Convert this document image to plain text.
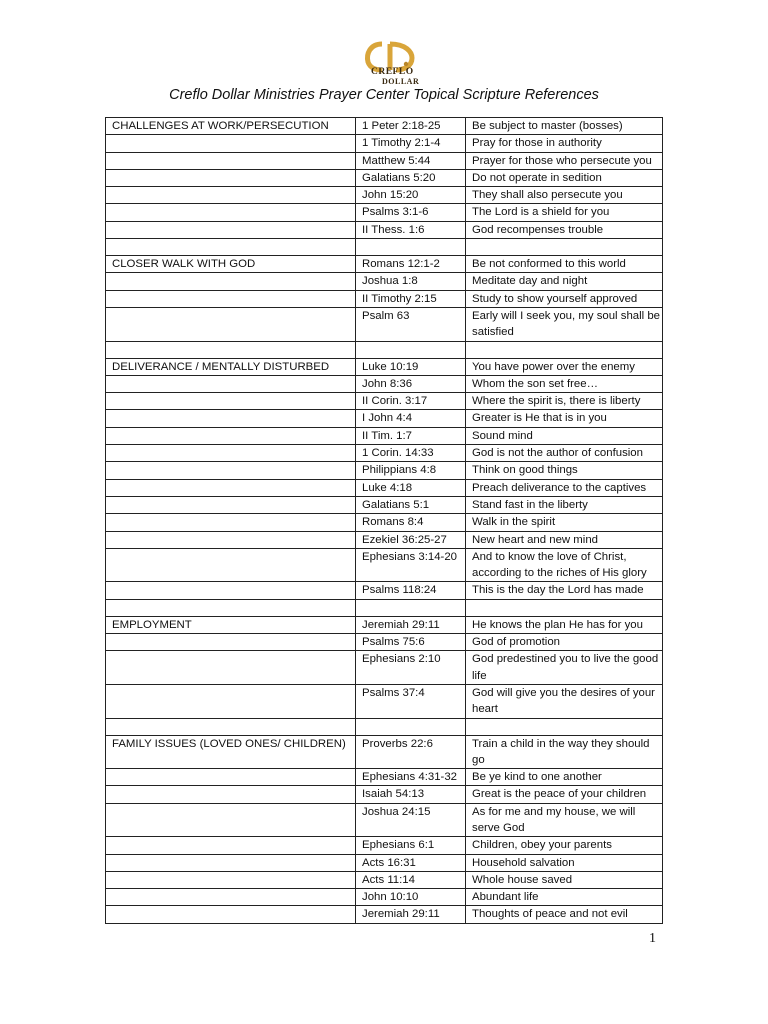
CREFLO
DOLLAR
Creflo Dollar Ministries Prayer Center Topical Scripture References
CHALLENGES AT WORK/PERSECUTION	1 Peter 2:18-25	Be subject to master (bosses)
	1 Timothy 2:1-4	Pray for those in authority
	Matthew 5:44	Prayer for those who persecute you
	Galatians 5:20	Do not operate in sedition
	John 15:20	They shall also persecute you
	Psalms 3:1-6	The Lord is a shield for you
	II Thess. 1:6	God recompenses trouble

CLOSER WALK WITH GOD	Romans 12:1-2	Be not conformed to this world
	Joshua 1:8	Meditate day and night
	II Timothy 2:15	Study to show yourself approved
	Psalm 63	Early will I seek you, my soul shall be satisfied

DELIVERANCE / MENTALLY DISTURBED	Luke 10:19	You have power over the enemy
	John 8:36	Whom the son set free…
	II Corin. 3:17	Where the spirit is, there is liberty
	I John 4:4	Greater is He that is in you
	II Tim. 1:7	Sound mind
	1 Corin. 14:33	God is not the author of confusion
	Philippians 4:8	Think on good things
	Luke 4:18	Preach deliverance to the captives
	Galatians 5:1	Stand fast in the liberty
	Romans 8:4	Walk in the spirit
	Ezekiel 36:25-27	New heart and new mind
	Ephesians 3:14-20	And to know the love of Christ, according to the riches of His glory
	Psalms 118:24	This is the day the Lord has made

EMPLOYMENT	Jeremiah 29:11	He knows the plan He has for you
	Psalms 75:6	God of promotion
	Ephesians 2:10	God predestined you to live the good life
	Psalms 37:4	God will give you the desires of your heart

FAMILY ISSUES (LOVED ONES/ CHILDREN)	Proverbs 22:6	Train a child in the way they should go
	Ephesians 4:31-32	Be ye kind to one another
	Isaiah 54:13	Great is the peace of your children
	Joshua 24:15	As for me and my house, we will serve God
	Ephesians 6:1	Children, obey your parents
	Acts 16:31	Household salvation
	Acts 11:14	Whole house saved
	John 10:10	Abundant life
	Jeremiah 29:11	Thoughts of peace and not evil
1
